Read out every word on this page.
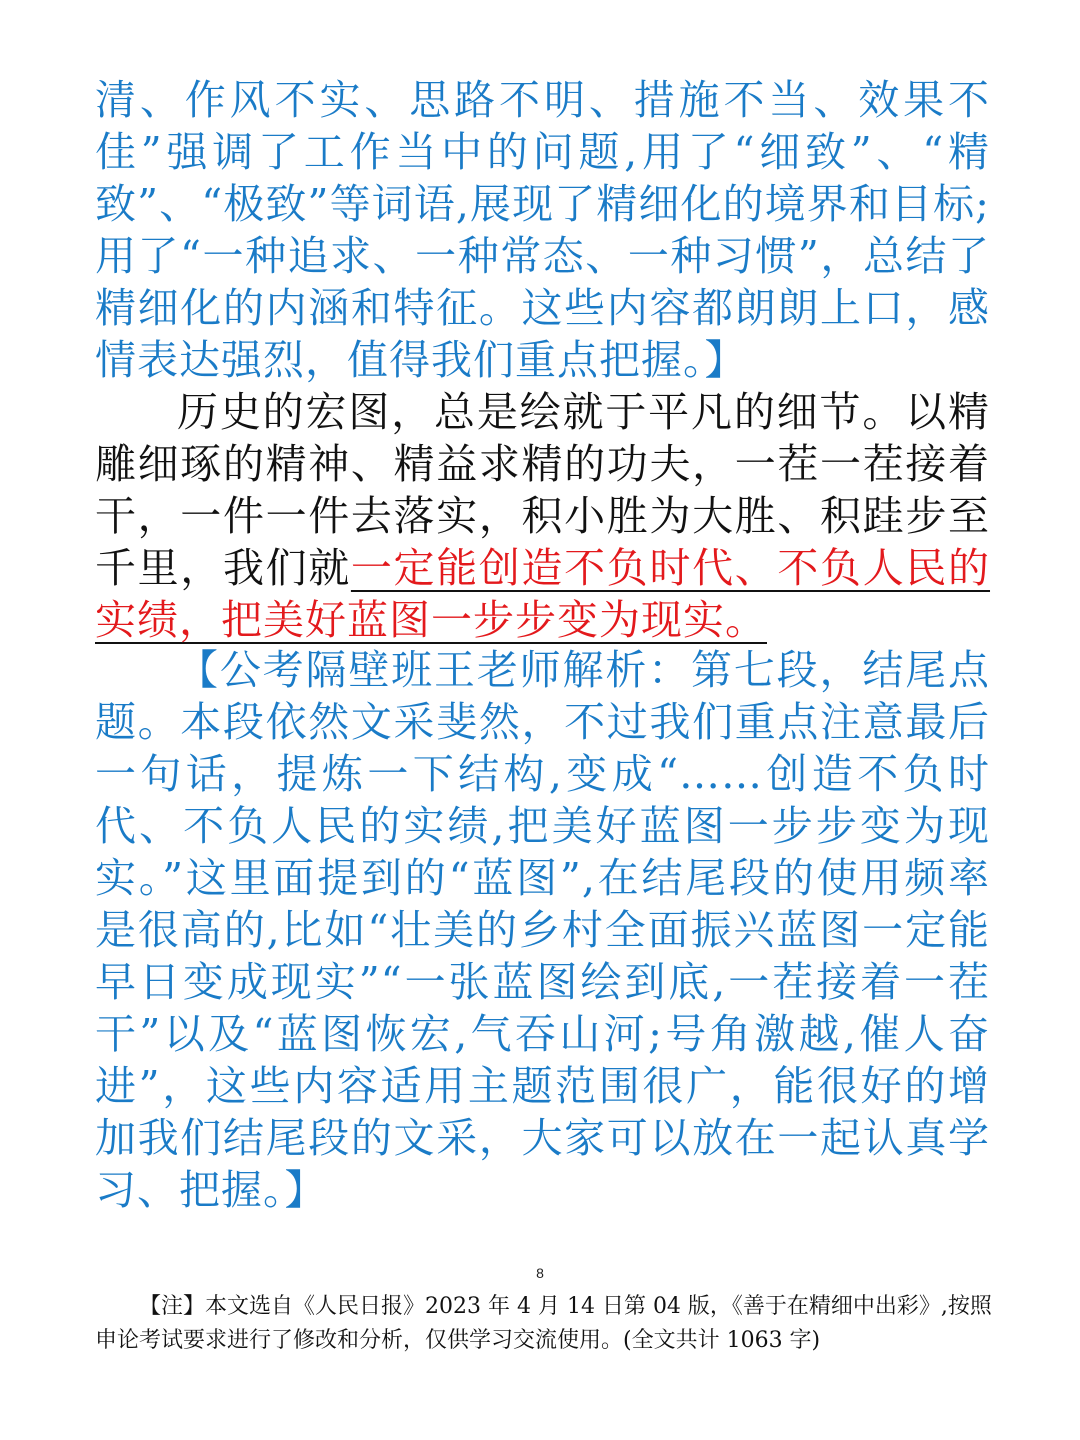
清、作风不实、思路不明、措施不当、效果不佳”强调了工作当中的问题,用了“细致”、“精致”、“极致”等词语,展现了精细化的境界和目标;用了“一种追求、一种常态、一种习惯”，总结了精细化的内涵和特征。这些内容都朗朗上口，感情表达强烈，值得我们重点把握。】

历史的宏图，总是绘就于平凡的细节。以精雕细琢的精神、精益求精的功夫，一茬一茬接着干，一件一件去落实，积小胜为大胜、积跬步至千里，我们就一定能创造不负时代、不负人民的实绩，把美好蓝图一步步变为现实。

【公考隔壁班王老师解析：第七段，结尾点题。本段依然文采斐然，不过我们重点注意最后一句话，提炼一下结构,变成“……创造不负时代、不负人民的实绩,把美好蓝图一步步变为现实。”这里面提到的“蓝图”,在结尾段的使用频率是很高的,比如“壮美的乡村全面振兴蓝图一定能早日变成现实”“一张蓝图绘到底,一茬接着一茬干”以及“蓝图恢宏,气吞山河;号角激越,催人奋进”，这些内容适用主题范围很广，能很好的增加我们结尾段的文采，大家可以放在一起认真学习、把握。】

8

【注】本文选自《人民日报》2023 年 4 月 14 日第 04 版，《善于在精细中出彩》,按照申论考试要求进行了修改和分析，仅供学习交流使用。(全文共计 1063 字)
